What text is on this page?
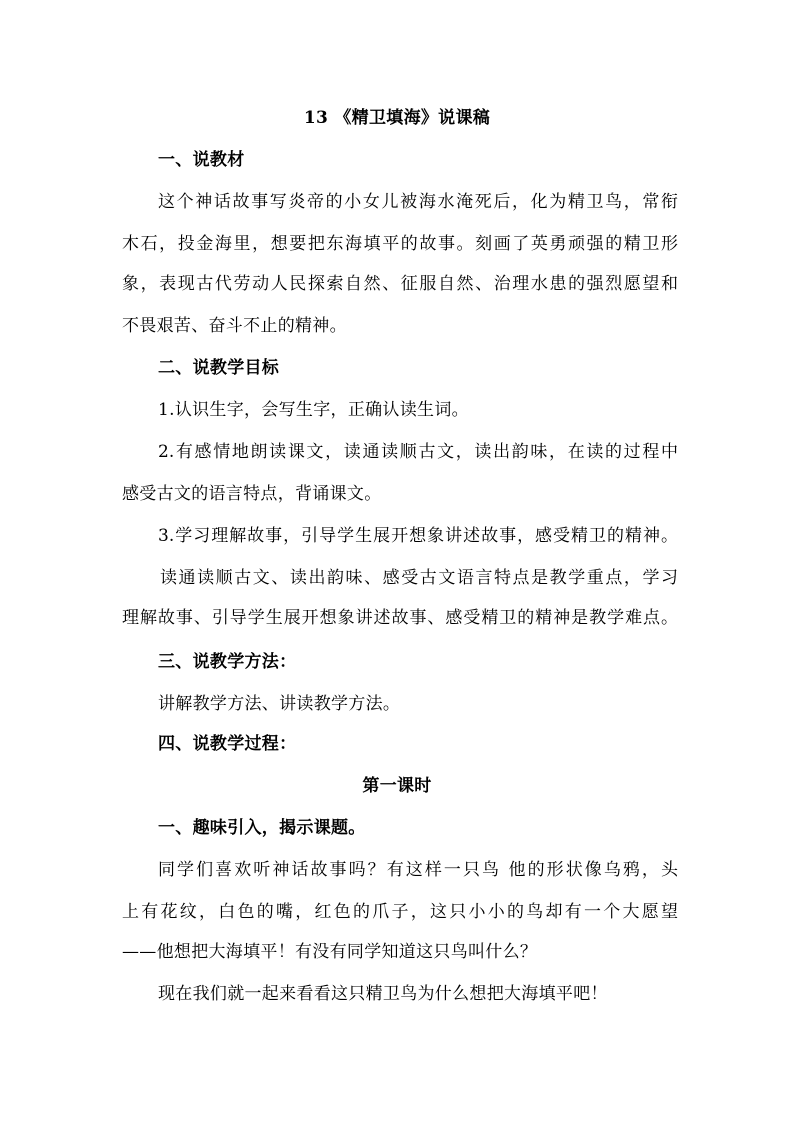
13 《精卫填海》说课稿
一、说教材
这个神话故事写炎帝的小女儿被海水淹死后，化为精卫鸟，常衔
木石，投金海里，想要把东海填平的故事。刻画了英勇顽强的精卫形
象，表现古代劳动人民探索自然、征服自然、治理水患的强烈愿望和
不畏艰苦、奋斗不止的精神。
二、说教学目标
1.认识生字，会写生字，正确认读生词。
2.有感情地朗读课文，读通读顺古文，读出韵味，在读的过程中
感受古文的语言特点，背诵课文。
3.学习理解故事，引导学生展开想象讲述故事，感受精卫的精神。
读通读顺古文、读出韵味、感受古文语言特点是教学重点，学习
理解故事、引导学生展开想象讲述故事、感受精卫的精神是教学难点。
三、说教学方法：
讲解教学方法、讲读教学方法。
四、说教学过程：
第一课时
一、趣味引入，揭示课题。
同学们喜欢听神话故事吗？有这样一只鸟 他的形状像乌鸦，头
上有花纹，白色的嘴，红色的爪子，这只小小的鸟却有一个大愿望
——他想把大海填平！有没有同学知道这只鸟叫什么？
现在我们就一起来看看这只精卫鸟为什么想把大海填平吧！
